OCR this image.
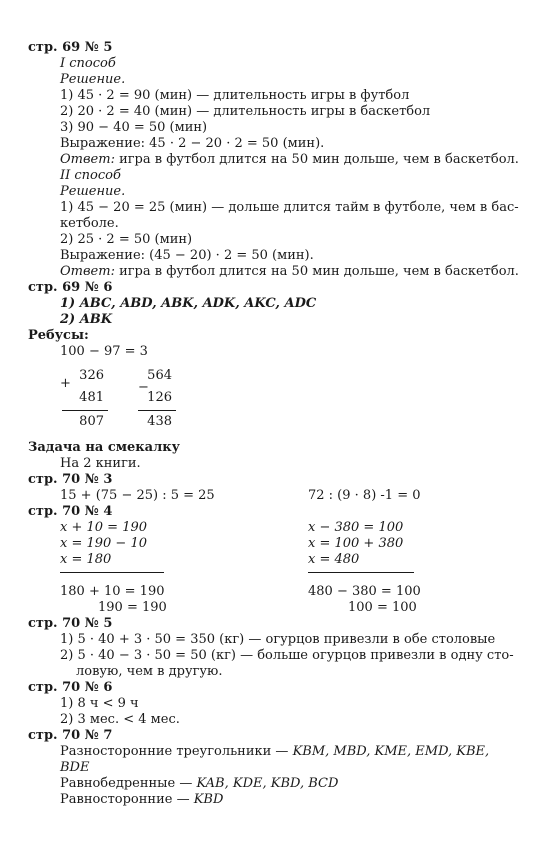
стр. 69 № 5
I способ
Решение.
1) 45 · 2 = 90 (мин) — длительность игры в футбол
2) 20 · 2 = 40 (мин) — длительность игры в баскетбол
3) 90 − 40 = 50 (мин)
Выражение: 45 · 2 − 20 · 2 = 50 (мин).
Ответ: игра в футбол длится на 50 мин дольше, чем в баскетбол.
II способ
Решение.
1) 45 − 20 = 25 (мин) — дольше длится тайм в футболе, чем в бас-
кетболе.
2) 25 · 2 = 50 (мин)
Выражение: (45 − 20) · 2 = 50 (мин).
Ответ: игра в футбол длится на 50 мин дольше, чем в баскетбол.
стр. 69 № 6
1) ABC, ABD, ABK, ADK, AKC, ADC
2) ABK
Ребусы:
100 − 97 = 3
+
326
481
807
−
564
126
438
Задача на смекалку
На 2 книги.
стр. 70 № 3
15 + (75 − 25) : 5 = 25	72 : (9 · 8) -1 = 0
стр. 70 № 4
x + 10 = 190
x = 190 − 10
x = 180
x − 380 = 100
x = 100 + 380
x = 480
180 + 10 = 190
190 = 190
480 − 380 = 100
100 = 100
стр. 70 № 5
1) 5 · 40 + 3 · 50 = 350 (кг) — огурцов привезли в обе столовые
2) 5 · 40 − 3 · 50 = 50 (кг) — больше огурцов привезли в одну сто-
ловую, чем в другую.
стр. 70 № 6
1) 8 ч < 9 ч
2) 3 мес. < 4 мес.
стр. 70 № 7
Разносторонние треугольники — KBM, MBD, KME, EMD, KBE,
BDE
Равнобедренные — KAB, KDE, KBD, BCD
Равносторонние — KBD
